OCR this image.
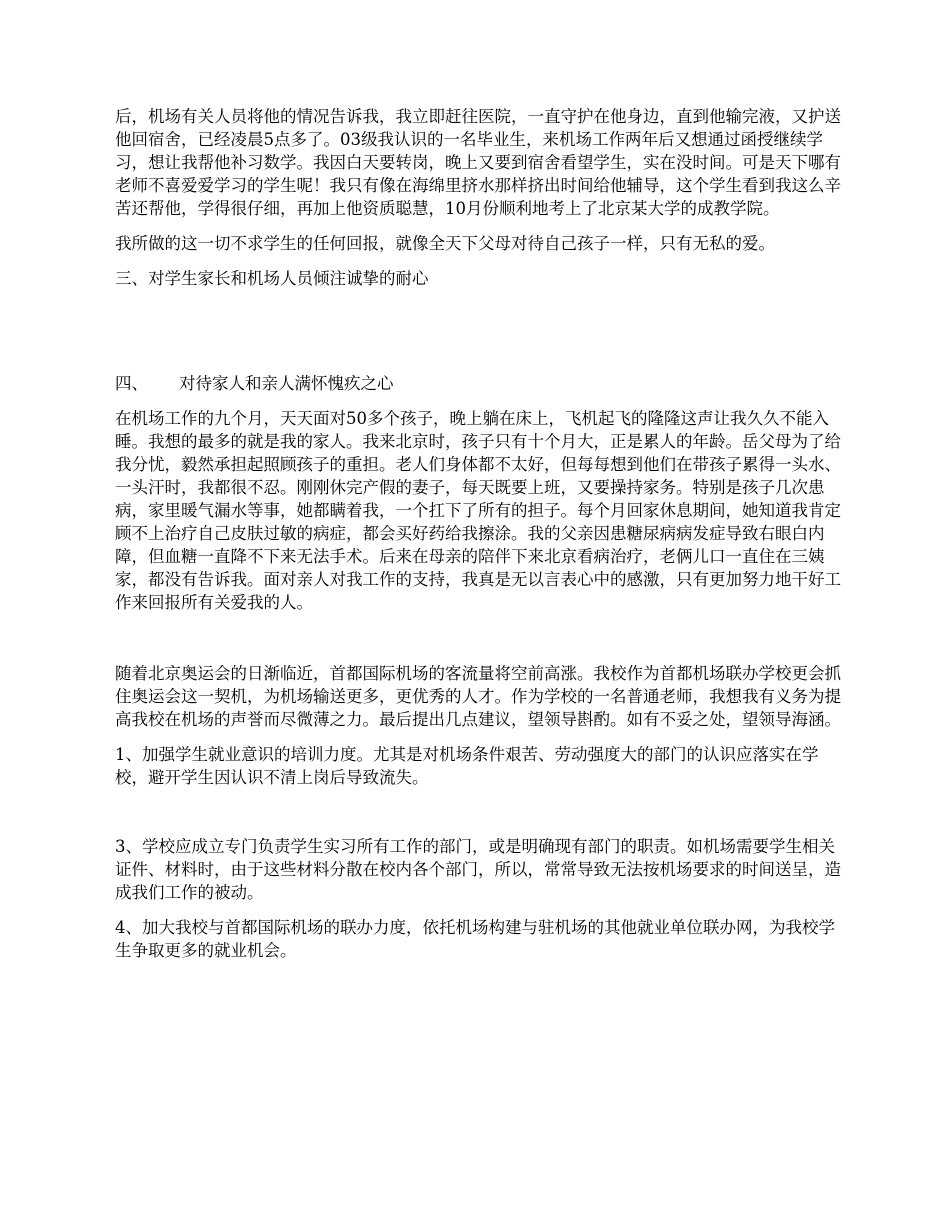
后，机场有关人员将他的情况告诉我，我立即赶往医院，一直守护在他身边，直到他输完液，又护送他回宿舍，已经凌晨5点多了。03级我认识的一名毕业生，来机场工作两年后又想通过函授继续学习，想让我帮他补习数学。我因白天要转岗，晚上又要到宿舍看望学生，实在没时间。可是天下哪有老师不喜爱爱学习的学生呢！我只有像在海绵里挤水那样挤出时间给他辅导，这个学生看到我这么辛苦还帮他，学得很仔细，再加上他资质聪慧，10月份顺利地考上了北京某大学的成教学院。

我所做的这一切不求学生的任何回报，就像全天下父母对待自己孩子一样，只有无私的爱。

三、对学生家长和机场人员倾注诚挚的耐心

四、 对待家人和亲人满怀愧疚之心

在机场工作的九个月，天天面对50多个孩子，晚上躺在床上，飞机起飞的隆隆这声让我久久不能入睡。我想的最多的就是我的家人。我来北京时，孩子只有十个月大，正是累人的年龄。岳父母为了给我分忧，毅然承担起照顾孩子的重担。老人们身体都不太好，但每每想到他们在带孩子累得一头水、一头汗时，我都很不忍。刚刚休完产假的妻子，每天既要上班，又要操持家务。特别是孩子几次患病，家里暖气漏水等事，她都瞒着我，一个扛下了所有的担子。每个月回家休息期间，她知道我肯定顾不上治疗自己皮肤过敏的病症，都会买好药给我擦涂。我的父亲因患糖尿病病发症导致右眼白内障，但血糖一直降不下来无法手术。后来在母亲的陪伴下来北京看病治疗，老俩儿口一直住在三姨家，都没有告诉我。面对亲人对我工作的支持，我真是无以言表心中的感激，只有更加努力地干好工作来回报所有关爱我的人。

随着北京奥运会的日渐临近，首都国际机场的客流量将空前高涨。我校作为首都机场联办学校更会抓住奥运会这一契机，为机场输送更多，更优秀的人才。作为学校的一名普通老师，我想我有义务为提高我校在机场的声誉而尽微薄之力。最后提出几点建议，望领导斟酌。如有不妥之处，望领导海涵。

1、加强学生就业意识的培训力度。尤其是对机场条件艰苦、劳动强度大的部门的认识应落实在学校，避开学生因认识不清上岗后导致流失。

3、学校应成立专门负责学生实习所有工作的部门，或是明确现有部门的职责。如机场需要学生相关证件、材料时，由于这些材料分散在校内各个部门，所以，常常导致无法按机场要求的时间送呈，造成我们工作的被动。

4、加大我校与首都国际机场的联办力度，依托机场构建与驻机场的其他就业单位联办网，为我校学生争取更多的就业机会。
